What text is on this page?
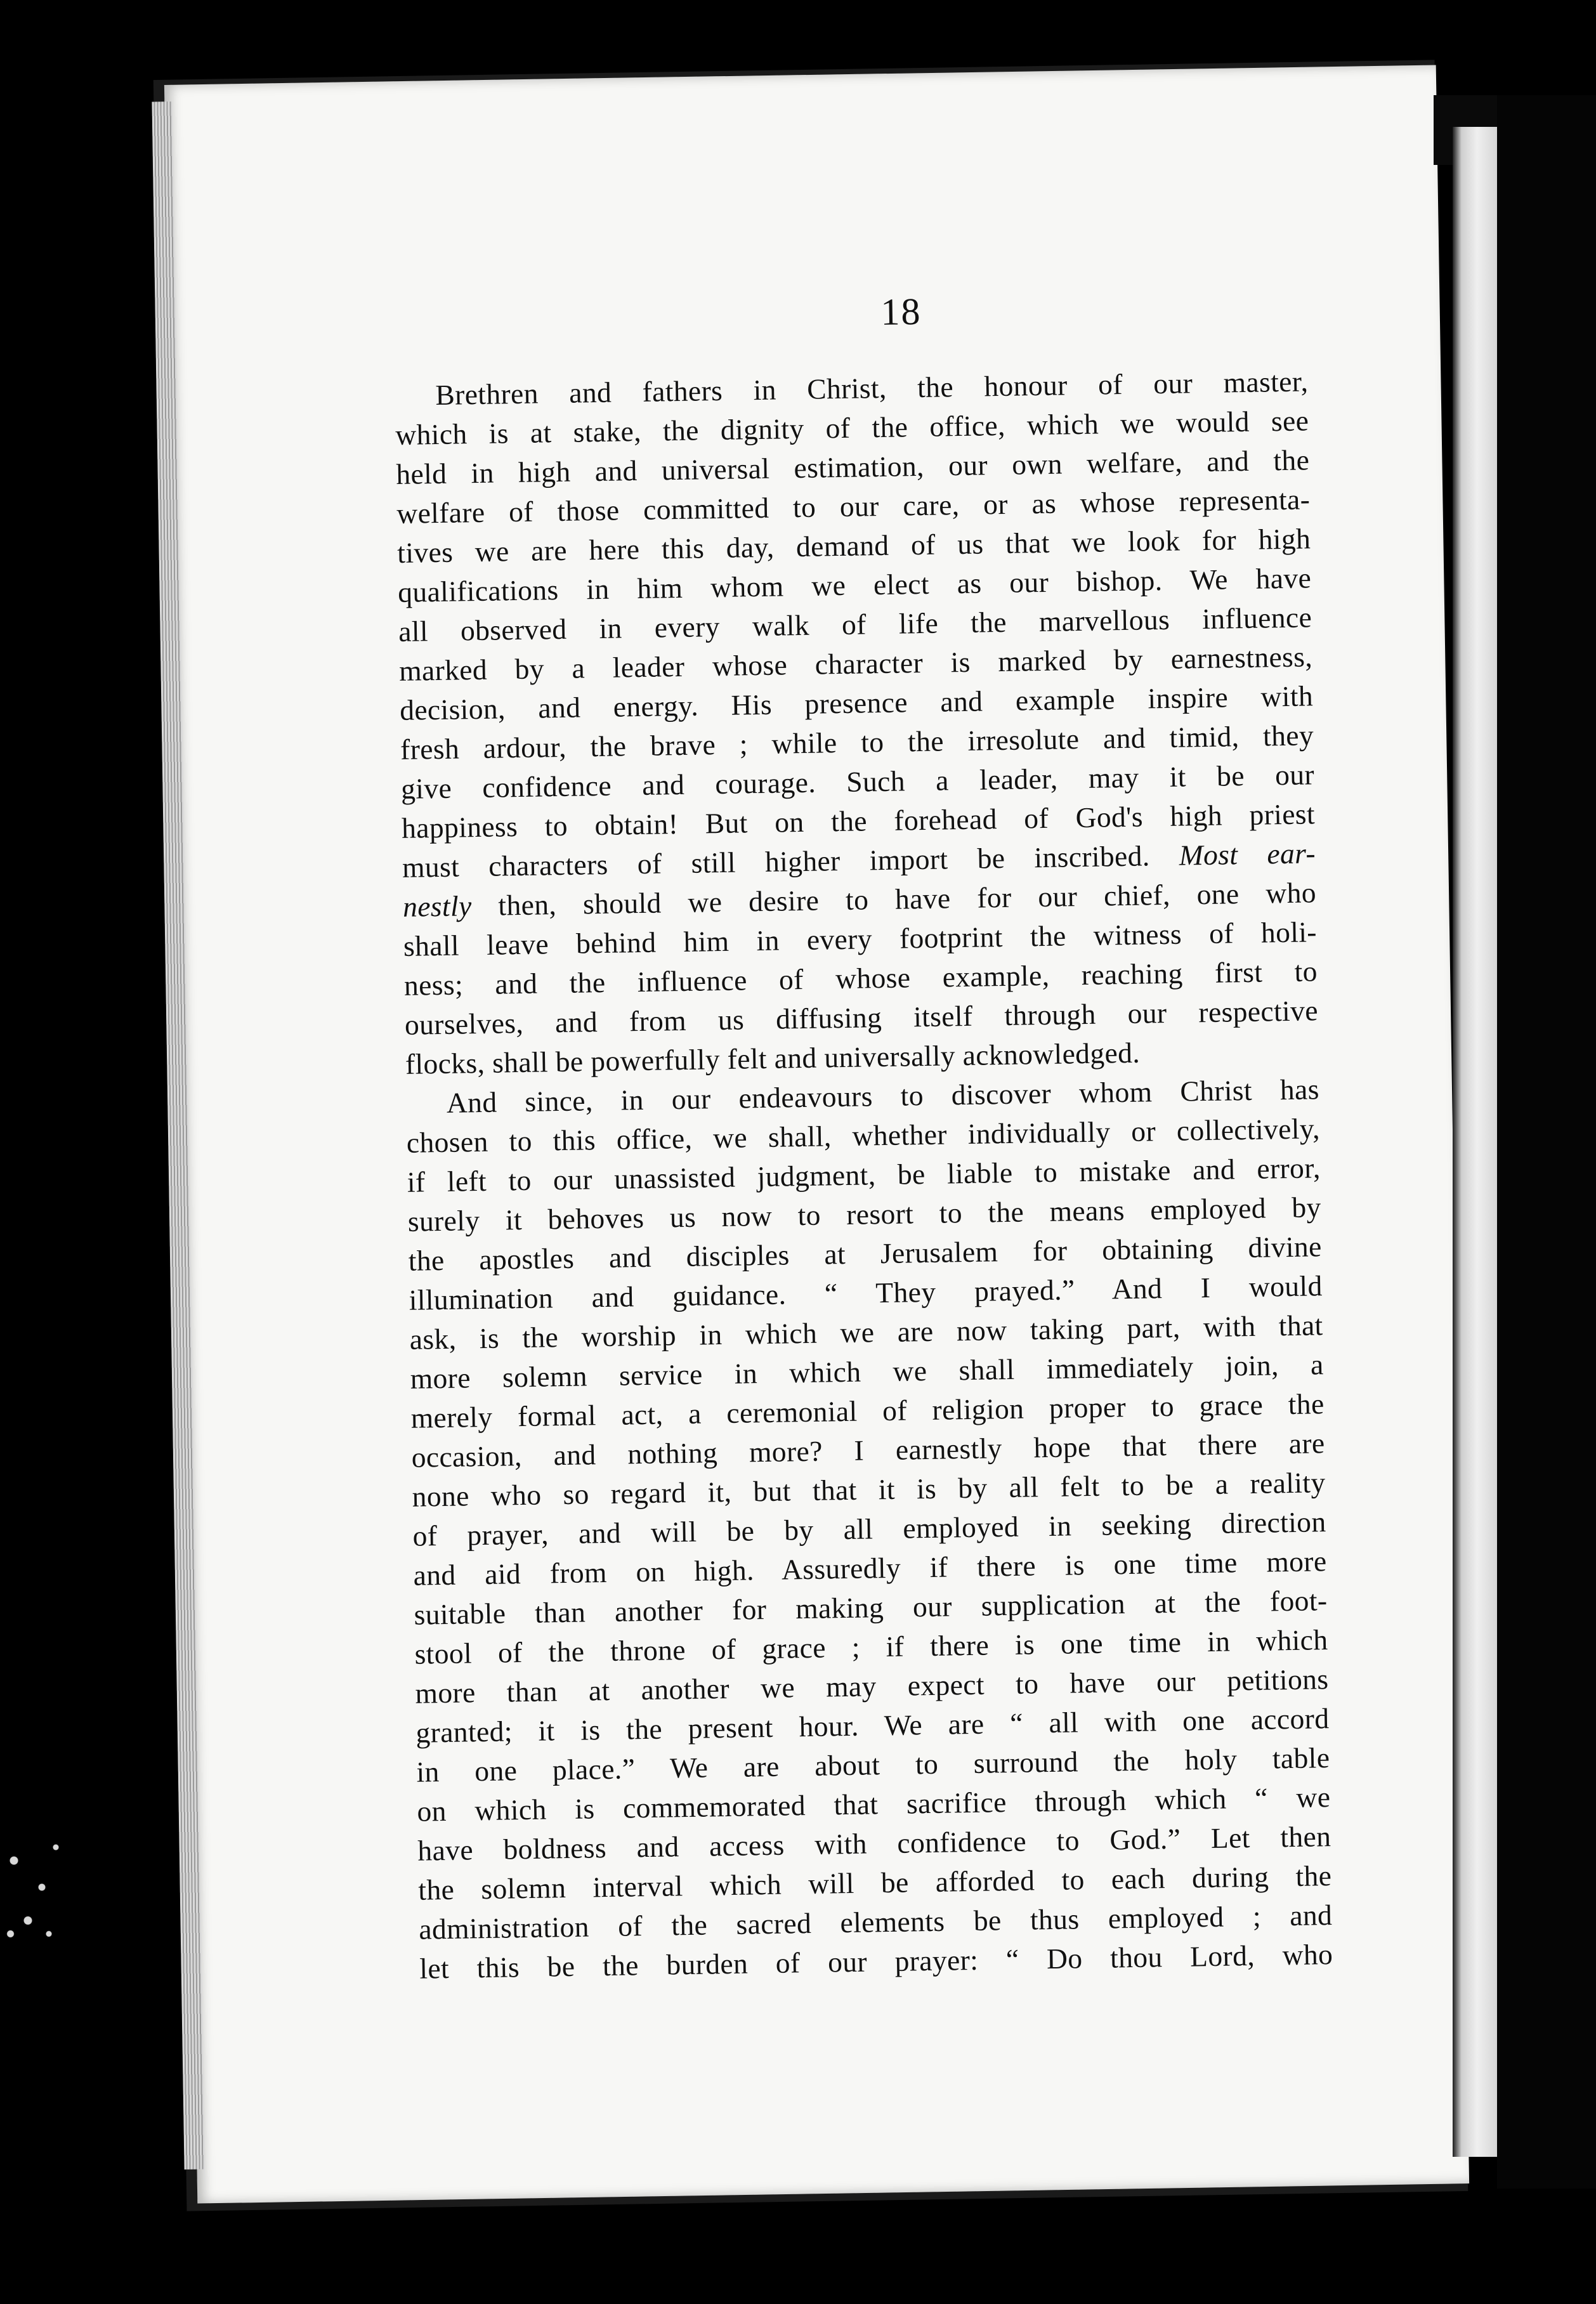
18
Brethren and fathers in Christ, the honour of our master,
which is at stake, the dignity of the office, which we would see
held in high and universal estimation, our own welfare, and the
welfare of those committed to our care, or as whose representa-
tives we are here this day, demand of us that we look for high
qualifications in him whom we elect as our bishop. We have
all observed in every walk of life the marvellous influence
marked by a leader whose character is marked by earnestness,
decision, and energy. His presence and example inspire with
fresh ardour, the brave ; while to the irresolute and timid, they
give confidence and courage. Such a leader, may it be our
happiness to obtain! But on the forehead of God's high priest
must characters of still higher import be inscribed. Most ear-
nestly then, should we desire to have for our chief, one who
shall leave behind him in every footprint the witness of holi-
ness; and the influence of whose example, reaching first to
ourselves, and from us diffusing itself through our respective
flocks, shall be powerfully felt and universally acknowledged.
And since, in our endeavours to discover whom Christ has
chosen to this office, we shall, whether individually or collectively,
if left to our unassisted judgment, be liable to mistake and error,
surely it behoves us now to resort to the means employed by
the apostles and disciples at Jerusalem for obtaining divine
illumination and guidance. “ They prayed.” And I would
ask, is the worship in which we are now taking part, with that
more solemn service in which we shall immediately join, a
merely formal act, a ceremonial of religion proper to grace the
occasion, and nothing more? I earnestly hope that there are
none who so regard it, but that it is by all felt to be a reality
of prayer, and will be by all employed in seeking direction
and aid from on high. Assuredly if there is one time more
suitable than another for making our supplication at the foot-
stool of the throne of grace ; if there is one time in which
more than at another we may expect to have our petitions
granted; it is the present hour. We are “ all with one accord
in one place.” We are about to surround the holy table
on which is commemorated that sacrifice through which “ we
have boldness and access with confidence to God.” Let then
the solemn interval which will be afforded to each during the
administration of the sacred elements be thus employed ; and
let this be the burden of our prayer: “ Do thou Lord, who
